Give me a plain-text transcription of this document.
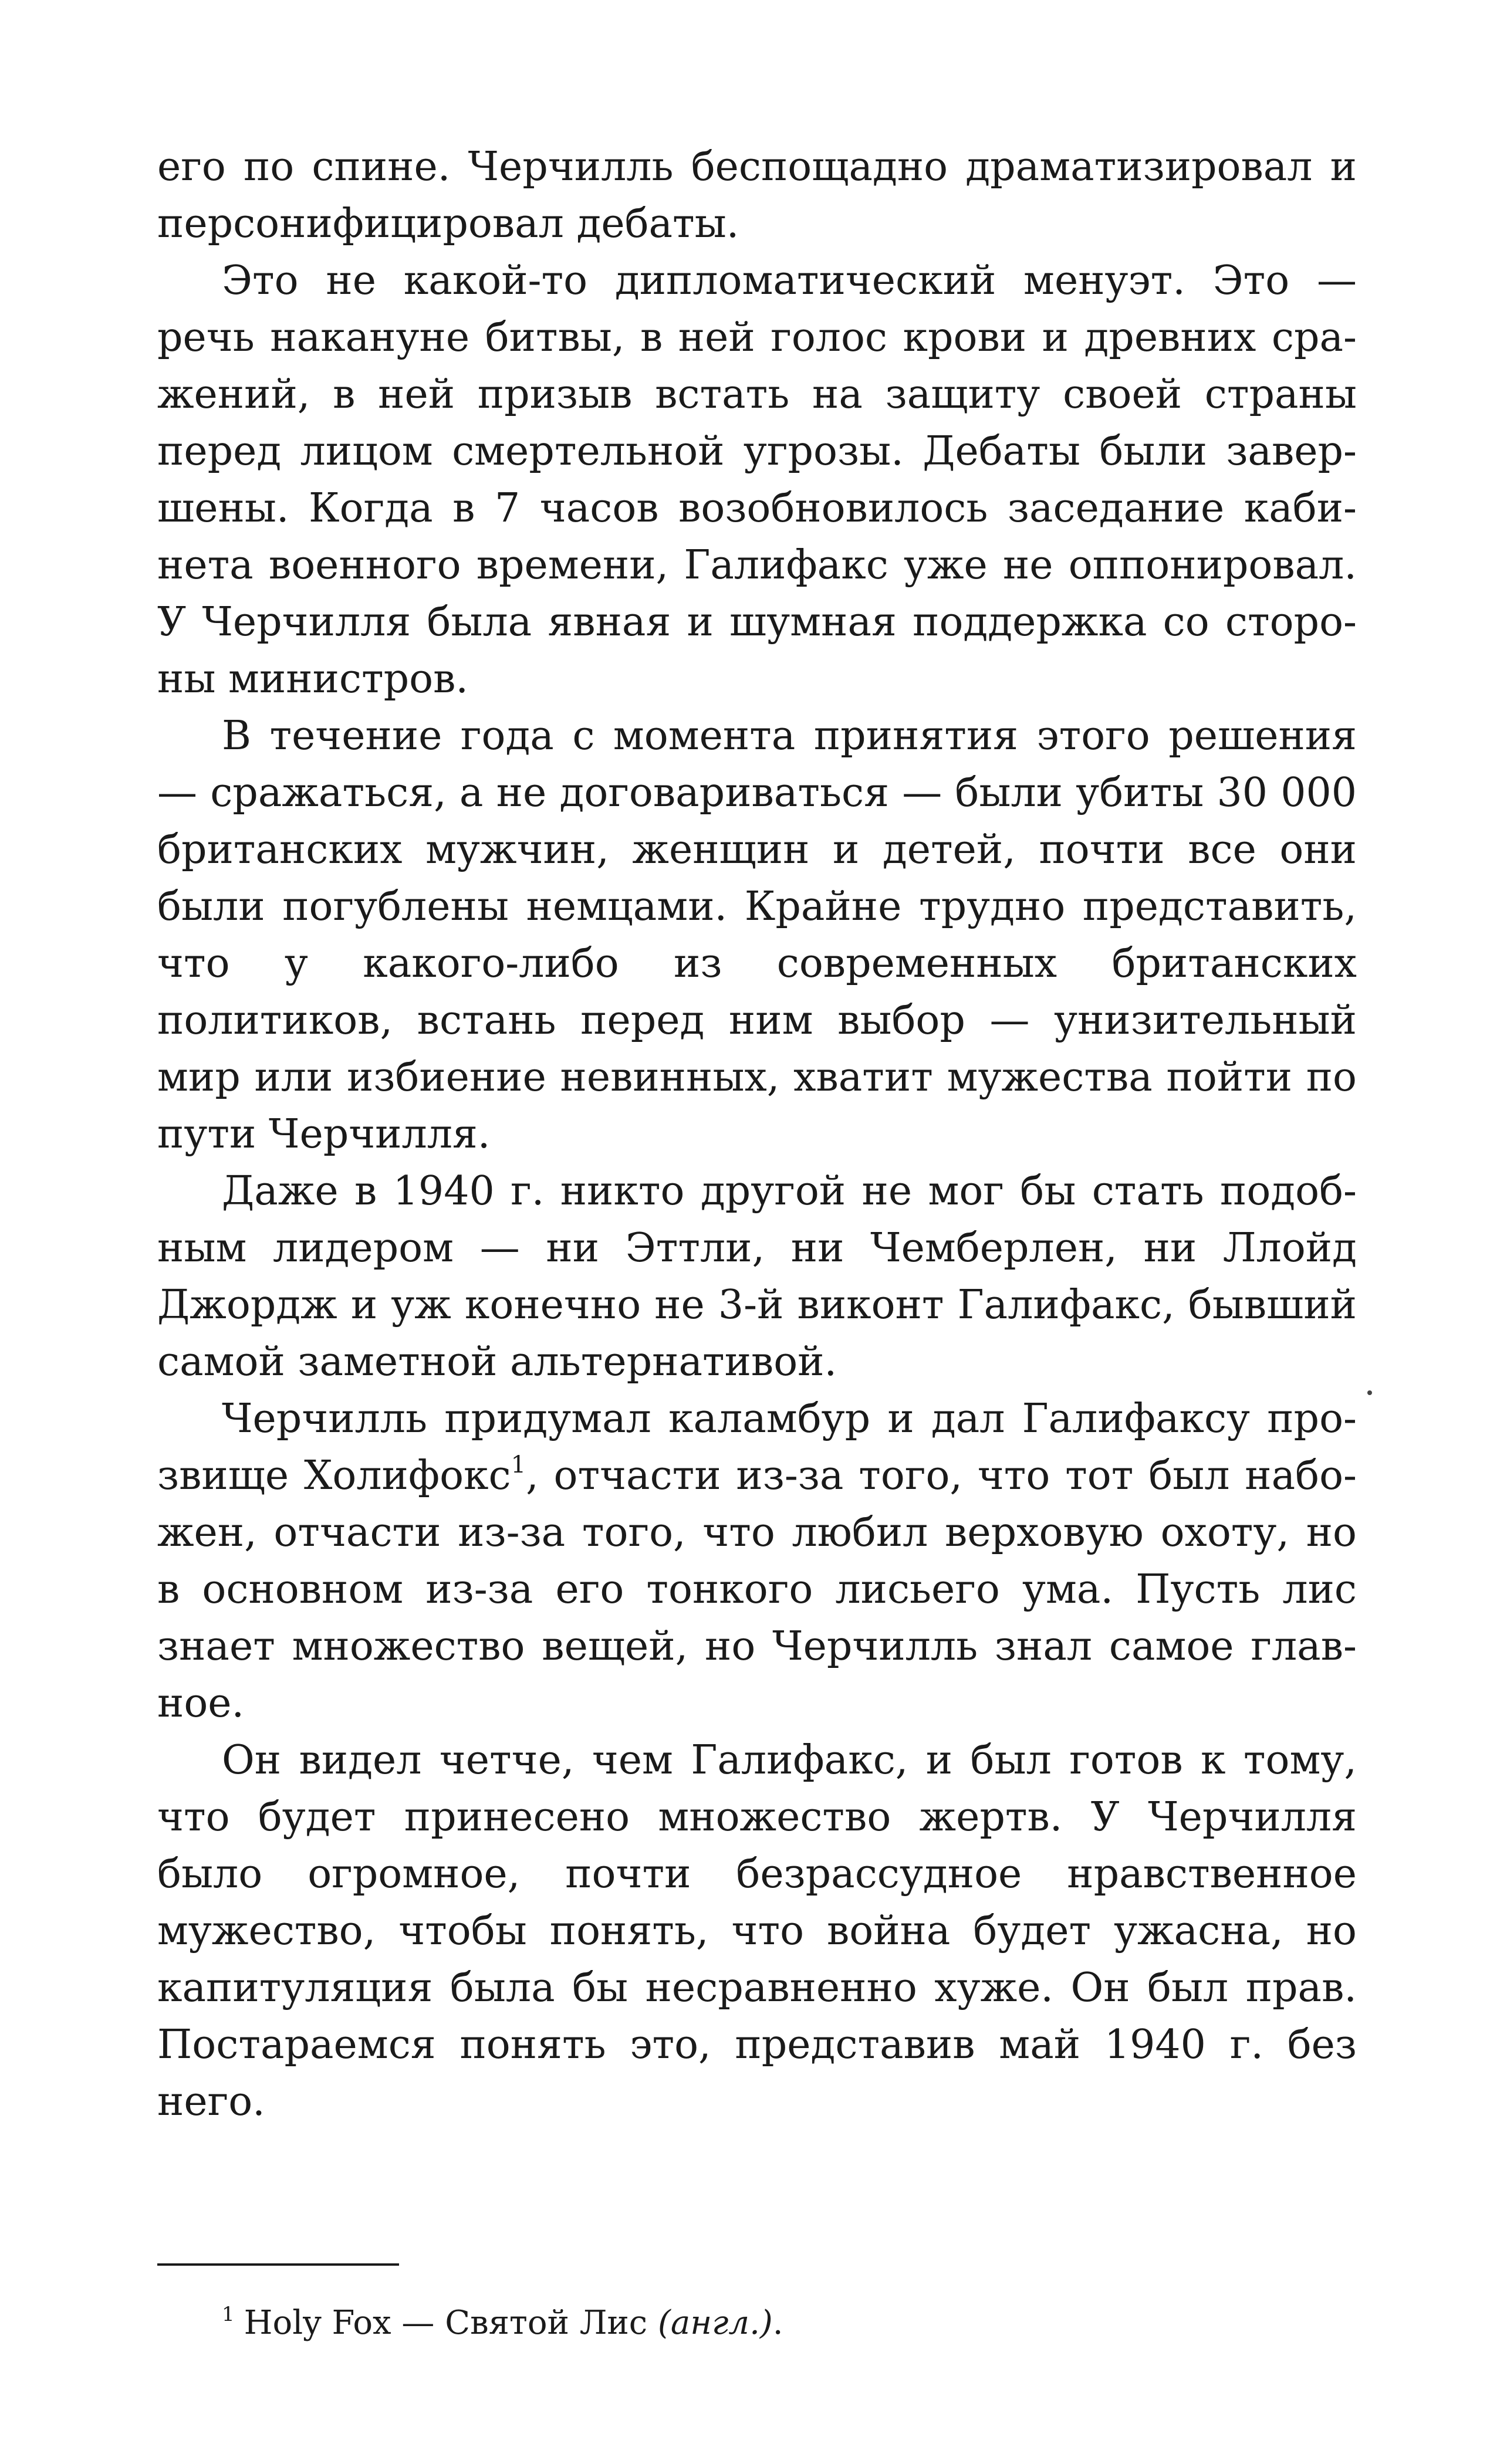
его по спине. Черчилль беспощадно драматизировал и персонифицировал дебаты.

Это не какой-то дипломатический менуэт. Это — речь накануне битвы, в ней голос крови и древних сражений, в ней призыв встать на защиту своей страны перед лицом смертельной угрозы. Дебаты были завершены. Когда в 7 часов возобновилось заседание кабинета военного времени, Галифакс уже не оппонировал. У Черчилля была явная и шумная поддержка со стороны министров.

В течение года с момента принятия этого решения — сражаться, а не договариваться — были убиты 30 000 британских мужчин, женщин и детей, почти все они были погублены немцами. Крайне трудно представить, что у какого-либо из современных британских политиков, встань перед ним выбор — унизительный мир или избиение невинных, хватит мужества пойти по пути Черчилля.

Даже в 1940 г. никто другой не мог бы стать подобным лидером — ни Эттли, ни Чемберлен, ни Ллойд Джордж и уж конечно не 3-й виконт Галифакс, бывший самой заметной альтернативой.

Черчилль придумал каламбур и дал Галифаксу прозвище Холифокс$^1$, отчасти из-за того, что тот был набожен, отчасти из-за того, что любил верховую охоту, но в основном из-за его тонкого лисьего ума. Пусть лис знает множество вещей, но Черчилль знал самое главное.

Он видел четче, чем Галифакс, и был готов к тому, что будет принесено множество жертв. У Черчилля было огромное, почти безрассудное нравственное мужество, чтобы понять, что война будет ужасна, но капитуляция была бы несравненно хуже. Он был прав. Постараемся понять это, представив май 1940 г. без него.

$^1$ Holy Fox — Святой Лис (англ.).
